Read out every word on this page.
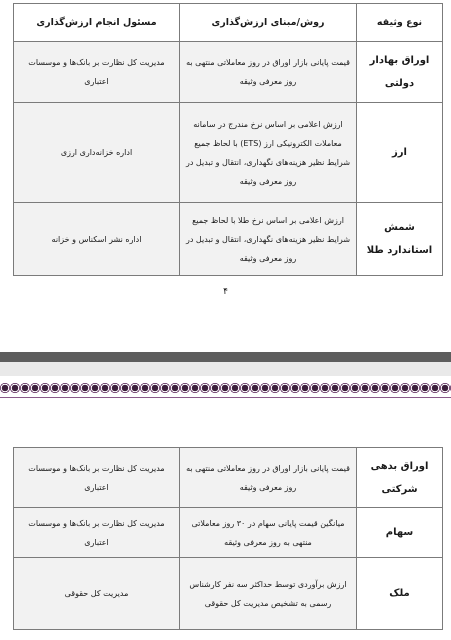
نوع وثیقه	روش/مبنای ارزش‌گذاری	مسئول انجام ارزش‌گذاری
اوراق بهادار دولتی	قیمت پایانی بازار اوراق در روز معاملاتی منتهی به روز معرفی وثیقه	مدیریت کل نظارت بر بانک‌ها و موسسات اعتباری
ارز	ارزش اعلامی بر اساس نرخ مندرج در سامانه معاملات الکترونیکی ارز (ETS) با لحاظ جمیع شرایط نظیر هزینه‌های نگهداری، انتقال و تبدیل در روز معرفی وثیقه	اداره خزانه‌داری ارزی
شمش استاندارد طلا	ارزش اعلامی بر اساس نرخ طلا با لحاظ جمیع شرایط نظیر هزینه‌های نگهداری، انتقال و تبدیل در روز معرفی وثیقه	اداره نشر اسکناس و خزانه
۴
اوراق بدهی شرکتی	قیمت پایانی بازار اوراق در روز معاملاتی منتهی به روز معرفی وثیقه	مدیریت کل نظارت بر بانک‌ها و موسسات اعتباری
سهام	میانگین قیمت پایانی سهام در ۳۰ روز معاملاتی منتهی به روز معرفی وثیقه	مدیریت کل نظارت بر بانک‌ها و موسسات اعتباری
ملک	ارزش برآوردی توسط حداکثر سه نفر کارشناس رسمی به تشخیص مدیریت کل حقوقی	مدیریت کل حقوقی
